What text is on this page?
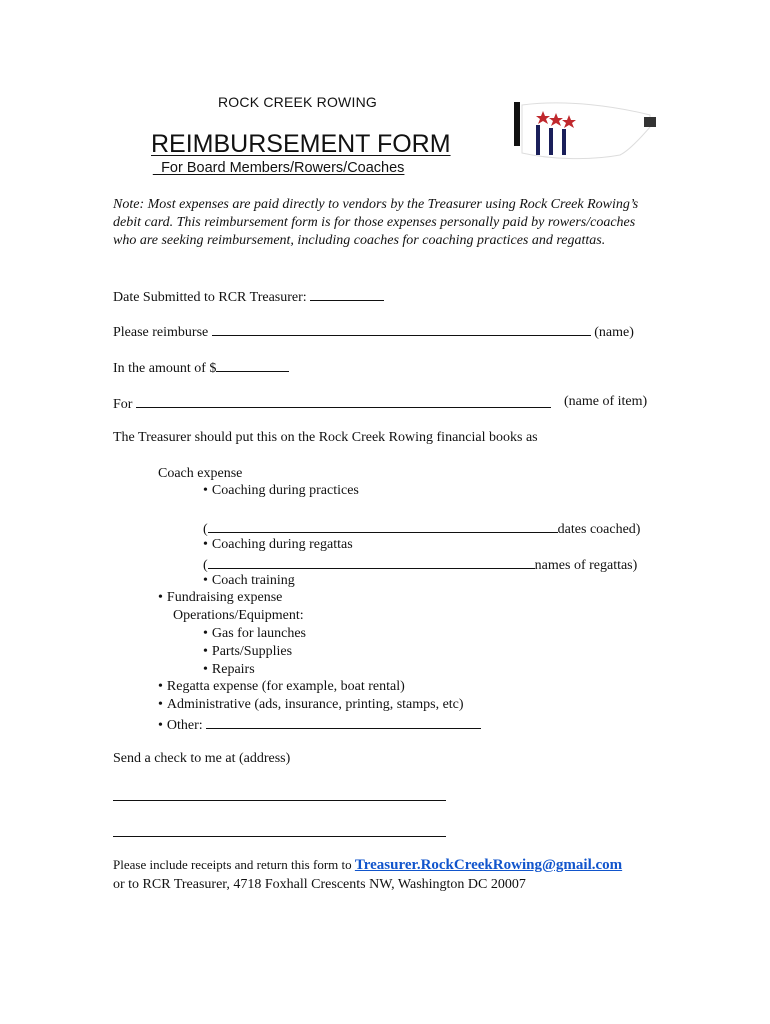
ROCK CREEK ROWING
REIMBURSEMENT FORM
_For Board Members/Rowers/Coaches
Note: Most expenses are paid directly to vendors by the Treasurer using Rock Creek Rowing’s debit card. This reimbursement form is for those expenses personally paid by rowers/coaches who are seeking reimbursement, including coaches for coaching practices and regattas.
Date Submitted to RCR Treasurer:
Please reimburse	(name)
In the amount of $
For	(name of item)
The Treasurer should put this on the Rock Creek Rowing financial books as
Coach expense
• Coaching during practices
(	dates coached)
• Coaching during regattas
(	names of regattas)
• Coach training
• Fundraising expense
Operations/Equipment:
• Gas for launches
• Parts/Supplies
• Repairs
• Regatta expense (for example, boat rental)
• Administrative (ads, insurance, printing, stamps, etc)
• Other:
Send a check to me at (address)
Please include receipts and return this form to Treasurer.RockCreekRowing@gmail.com
or to RCR Treasurer, 4718 Foxhall Crescents NW, Washington DC 20007
